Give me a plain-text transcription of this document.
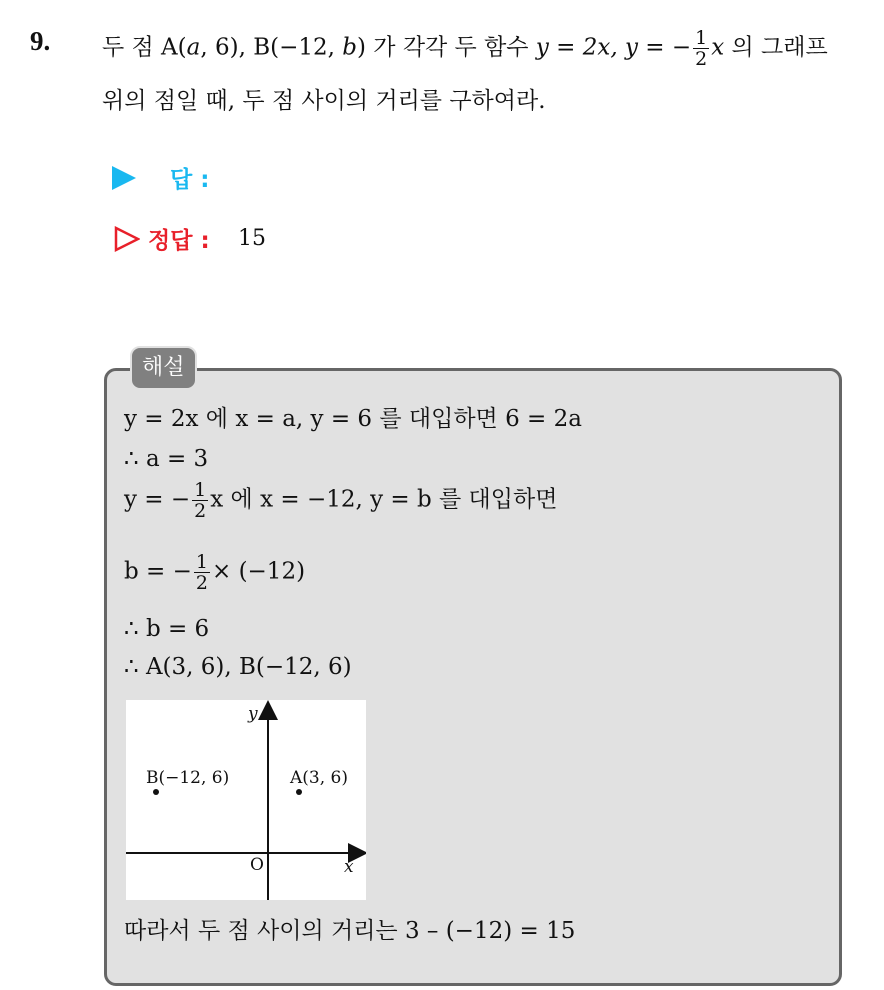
9. 두 점 A(a, 6), B(−12, b) 가 각각 두 함수 y = 2x, y = − $\frac{1}{2}$ x 의 그래프
위의 점일 때, 두 점 사이의 거리를 구하여라.
답 :
정답 : 15
해설
y = 2x 에 x = a, y = 6 를 대입하면 6 = 2a
∴ a = 3
y = − $\frac{1}{2}$ x 에 x = −12, y = b 를 대입하면
b = − $\frac{1}{2} \times (-12)$
∴ b = 6
∴ A(3, 6), B(−12, 6)
y
x
O
B(−12, 6)	A(3, 6)
따라서 두 점 사이의 거리는 3 – (−12) = 15
